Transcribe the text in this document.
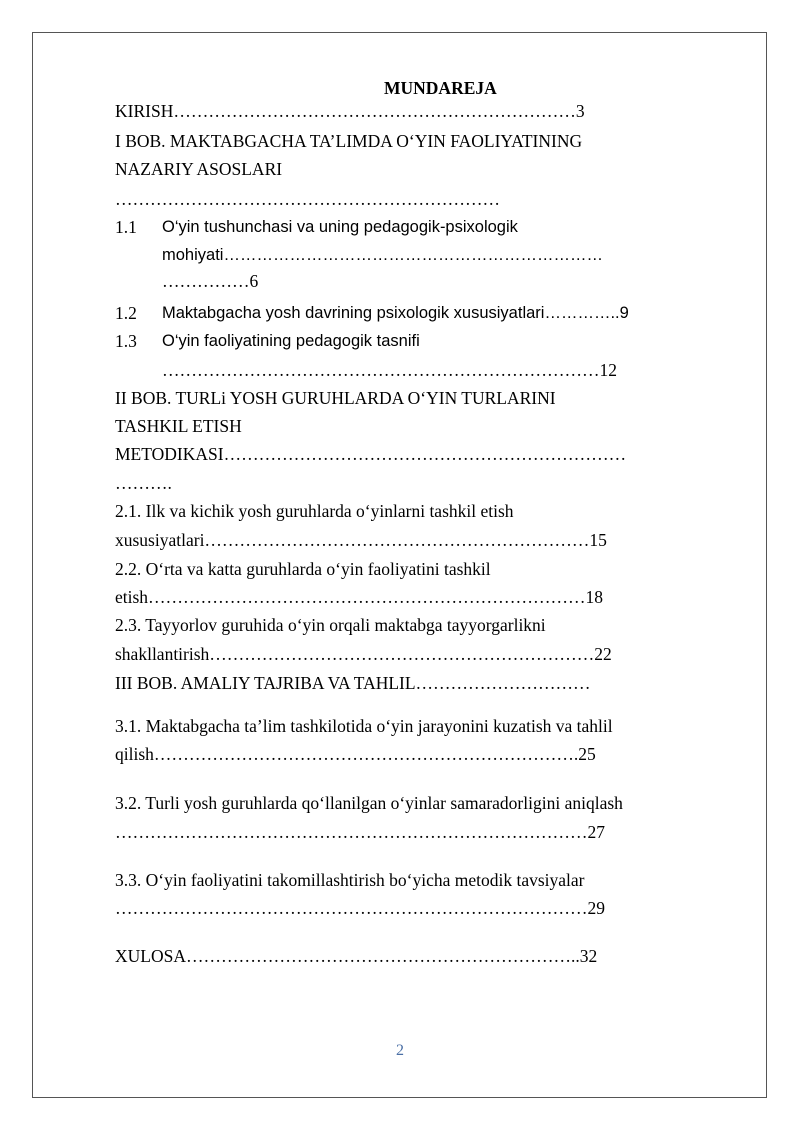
MUNDAREJA
KIRISH……………………………………………………………3
I BOB. MAKTABGACHA TA’LIMDA O‘YIN FAOLIYATINING
NAZARIY ASOSLARI
…………………………………………………………
1.1 O‘yin tushunchasi va uning pedagogik-psixologik
mohiyati……………………………………………………………
……………6
1.2 Maktabgacha yosh davrining psixologik xususiyatlari…………..9
1.3 O‘yin faoliyatining pedagogik tasnifi
…………………………………………………………………12
II BOB. TURLi YOSH GURUHLARDA O‘YIN TURLARINI
TASHKIL ETISH
METODIKASI……………………………………………………………
……….
2.1. Ilk va kichik yosh guruhlarda o‘yinlarni tashkil etish
xususiyatlari…………………………………………………………15
2.2. O‘rta va katta guruhlarda o‘yin faoliyatini tashkil
etish…………………………………………………………………18
2.3. Tayyorlov guruhida o‘yin orqali maktabga tayyorgarlikni
shakllantirish…………………………………………………………22
III BOB. AMALIY TAJRIBA VA TAHLIL…………………………
3.1. Maktabgacha ta’lim tashkilotida o‘yin jarayonini kuzatish va tahlil
qilish……………………………………………………………….25
3.2. Turli yosh guruhlarda qo‘llanilgan o‘yinlar samaradorligini aniqlash
………………………………………………………………………27
3.3. O‘yin faoliyatini takomillashtirish bo‘yicha metodik tavsiyalar
………………………………………………………………………29
XULOSA…………………………………………………………..32
2
